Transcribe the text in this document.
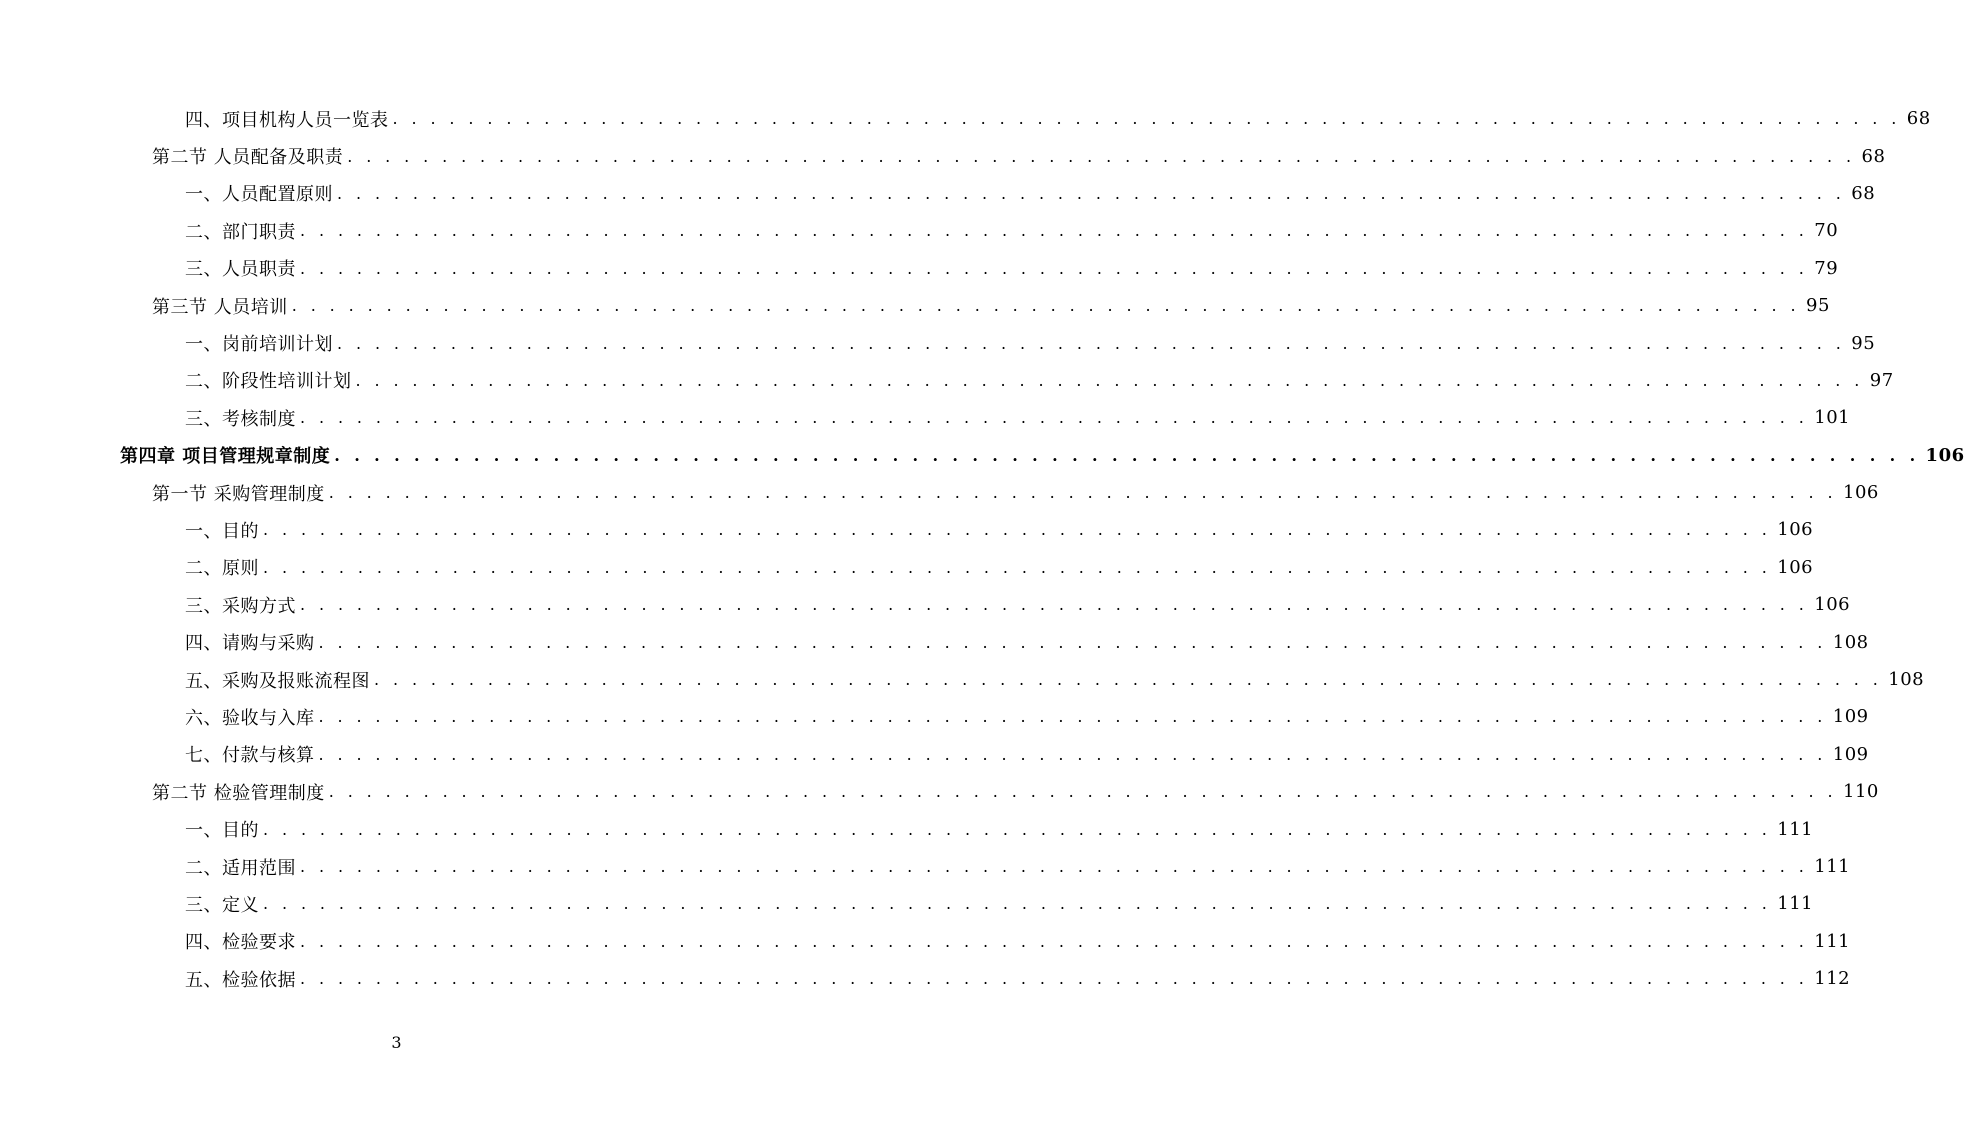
四、项目机构人员一览表 . . . . . . . . . . . . . . . . . . . . . . . . . . . . . . . . . . . . . . . . . . . . . . . . . . . . . . . . . . . . . . . . . . . . . . . . . . . . . . . . 68
第二节 人员配备及职责 . . . . . . . . . . . . . . . . . . . . . . . . . . . . . . . . . . . . . . . . . . . . . . . . . . . . . . . . . . . . . . . . . . . . . . . . . . . . . . . . 68
一、人员配置原则 . . . . . . . . . . . . . . . . . . . . . . . . . . . . . . . . . . . . . . . . . . . . . . . . . . . . . . . . . . . . . . . . . . . . . . . . . . . . . . . . 68
二、部门职责 . . . . . . . . . . . . . . . . . . . . . . . . . . . . . . . . . . . . . . . . . . . . . . . . . . . . . . . . . . . . . . . . . . . . . . . . . . . . . . . . 70
三、人员职责 . . . . . . . . . . . . . . . . . . . . . . . . . . . . . . . . . . . . . . . . . . . . . . . . . . . . . . . . . . . . . . . . . . . . . . . . . . . . . . . . 79
第三节 人员培训 . . . . . . . . . . . . . . . . . . . . . . . . . . . . . . . . . . . . . . . . . . . . . . . . . . . . . . . . . . . . . . . . . . . . . . . . . . . . . . . . 95
一、岗前培训计划 . . . . . . . . . . . . . . . . . . . . . . . . . . . . . . . . . . . . . . . . . . . . . . . . . . . . . . . . . . . . . . . . . . . . . . . . . . . . . . . . 95
二、阶段性培训计划 . . . . . . . . . . . . . . . . . . . . . . . . . . . . . . . . . . . . . . . . . . . . . . . . . . . . . . . . . . . . . . . . . . . . . . . . . . . . . . . . 97
三、考核制度 . . . . . . . . . . . . . . . . . . . . . . . . . . . . . . . . . . . . . . . . . . . . . . . . . . . . . . . . . . . . . . . . . . . . . . . . . . . . . . . . 101
第四章 项目管理规章制度 . . . . . . . . . . . . . . . . . . . . . . . . . . . . . . . . . . . . . . . . . . . . . . . . . . . . . . . . . . . . . . . . . . . . . . . . . . . . . . . . 106
第一节 采购管理制度 . . . . . . . . . . . . . . . . . . . . . . . . . . . . . . . . . . . . . . . . . . . . . . . . . . . . . . . . . . . . . . . . . . . . . . . . . . . . . . . . 106
一、目的 . . . . . . . . . . . . . . . . . . . . . . . . . . . . . . . . . . . . . . . . . . . . . . . . . . . . . . . . . . . . . . . . . . . . . . . . . . . . . . . . 106
二、原则 . . . . . . . . . . . . . . . . . . . . . . . . . . . . . . . . . . . . . . . . . . . . . . . . . . . . . . . . . . . . . . . . . . . . . . . . . . . . . . . . 106
三、采购方式 . . . . . . . . . . . . . . . . . . . . . . . . . . . . . . . . . . . . . . . . . . . . . . . . . . . . . . . . . . . . . . . . . . . . . . . . . . . . . . . . 106
四、请购与采购 . . . . . . . . . . . . . . . . . . . . . . . . . . . . . . . . . . . . . . . . . . . . . . . . . . . . . . . . . . . . . . . . . . . . . . . . . . . . . . . . 108
五、采购及报账流程图 . . . . . . . . . . . . . . . . . . . . . . . . . . . . . . . . . . . . . . . . . . . . . . . . . . . . . . . . . . . . . . . . . . . . . . . . . . . . . . . . 108
六、验收与入库 . . . . . . . . . . . . . . . . . . . . . . . . . . . . . . . . . . . . . . . . . . . . . . . . . . . . . . . . . . . . . . . . . . . . . . . . . . . . . . . . 109
七、付款与核算 . . . . . . . . . . . . . . . . . . . . . . . . . . . . . . . . . . . . . . . . . . . . . . . . . . . . . . . . . . . . . . . . . . . . . . . . . . . . . . . . 109
第二节 检验管理制度 . . . . . . . . . . . . . . . . . . . . . . . . . . . . . . . . . . . . . . . . . . . . . . . . . . . . . . . . . . . . . . . . . . . . . . . . . . . . . . . . 110
一、目的 . . . . . . . . . . . . . . . . . . . . . . . . . . . . . . . . . . . . . . . . . . . . . . . . . . . . . . . . . . . . . . . . . . . . . . . . . . . . . . . . 111
二、适用范围 . . . . . . . . . . . . . . . . . . . . . . . . . . . . . . . . . . . . . . . . . . . . . . . . . . . . . . . . . . . . . . . . . . . . . . . . . . . . . . . . 111
三、定义 . . . . . . . . . . . . . . . . . . . . . . . . . . . . . . . . . . . . . . . . . . . . . . . . . . . . . . . . . . . . . . . . . . . . . . . . . . . . . . . . 111
四、检验要求 . . . . . . . . . . . . . . . . . . . . . . . . . . . . . . . . . . . . . . . . . . . . . . . . . . . . . . . . . . . . . . . . . . . . . . . . . . . . . . . . 111
五、检验依据 . . . . . . . . . . . . . . . . . . . . . . . . . . . . . . . . . . . . . . . . . . . . . . . . . . . . . . . . . . . . . . . . . . . . . . . . . . . . . . . . 112
3
